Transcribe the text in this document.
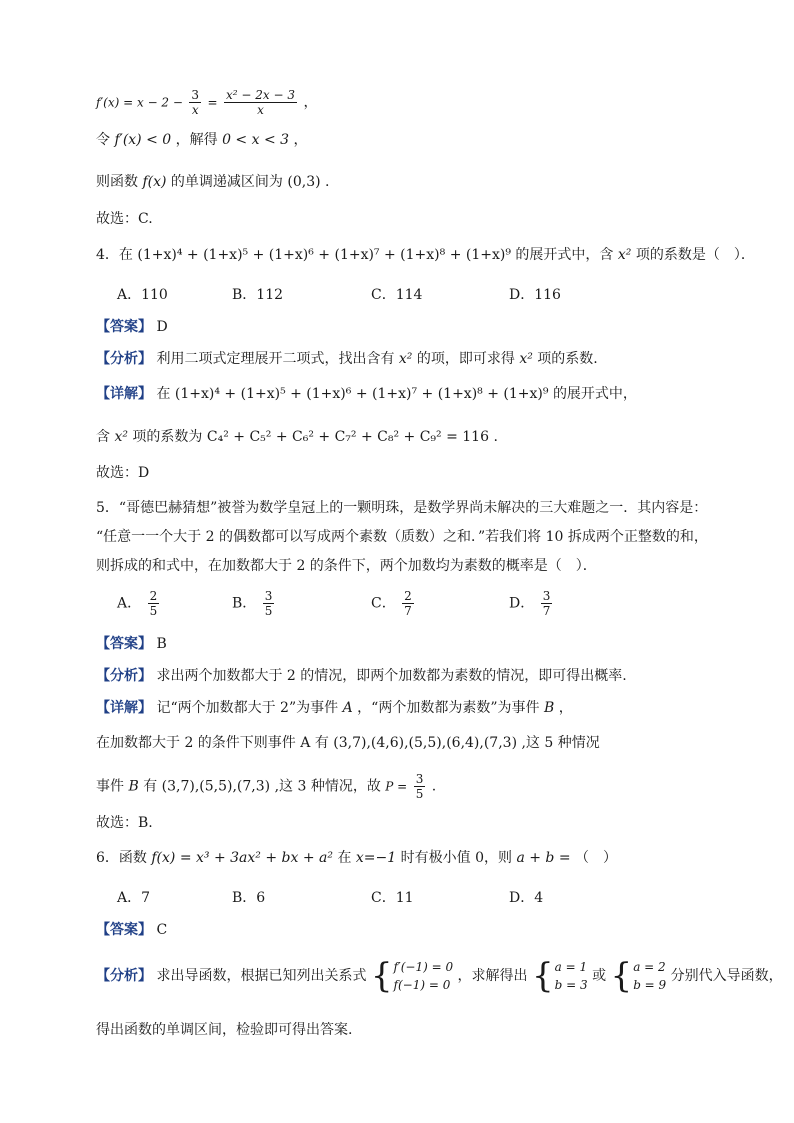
$f'(x) = x - 2 - \frac{3}{x} = \frac{\text{x² − 2x − 3}}{x}$ ，
令 f′(x) < 0 ，解得 0 < x < 3 ，
则函数 f(x) 的单调递减区间为 (0,3) .
故选：C.
4．在 (1+x)⁴ + (1+x)⁵ + (1+x)⁶ + (1+x)⁷ + (1+x)⁸ + (1+x)⁹ 的展开式中，含 x² 项的系数是（　）．
A．110	B．112	C．114	D．116
【答案】 D
【分析】 利用二项式定理展开二项式，找出含有 x² 的项，即可求得 x² 项的系数.
【详解】 在 (1+x)⁴ + (1+x)⁵ + (1+x)⁶ + (1+x)⁷ + (1+x)⁸ + (1+x)⁹ 的展开式中，
含 x² 项的系数为 C₄² + C₅² + C₆² + C₇² + C₈² + C₉² = 116 .
故选：D
5．“哥德巴赫猜想”被誉为数学皇冠上的一颗明珠，是数学界尚未解决的三大难题之一．其内容是：
“任意一一个大于 2 的偶数都可以写成两个素数（质数）之和．”若我们将 10 拆成两个正整数的和，
则拆成的和式中，在加数都大于 2 的条件下，两个加数均为素数的概率是（　）．
A． $\frac{2}{5}$	B． $\frac{3}{5}$	C． $\frac{2}{7}$	D． $\frac{3}{7}$
【答案】 B
【分析】 求出两个加数都大于 2 的情况，即两个加数都为素数的情况，即可得出概率.
【详解】 记“两个加数都大于 2”为事件 A ，“两个加数都为素数”为事件 B ，
在加数都大于 2 的条件下则事件 A 有 (3,7),(4,6),(5,5),(6,4),(7,3) ,这 5 种情况
事件 B 有 (3,7),(5,5),(7,3) ,这 3 种情况，故 $P = \frac{3}{5}$ .
故选：B.
6．函数 f(x) = x³ + 3ax² + bx + a² 在 x=−1 时有极小值 0，则 a + b = （　）
A．7	B．6	C．11	D．4
【答案】 C
【分析】 求出导函数，根据已知列出关系式 { f′(−1) = 0
f(−1) = 0
，求解得出 { a = 1
b = 3
或 { a = 2
b = 9
分别代入导函数，
得出函数的单调区间，检验即可得出答案.
